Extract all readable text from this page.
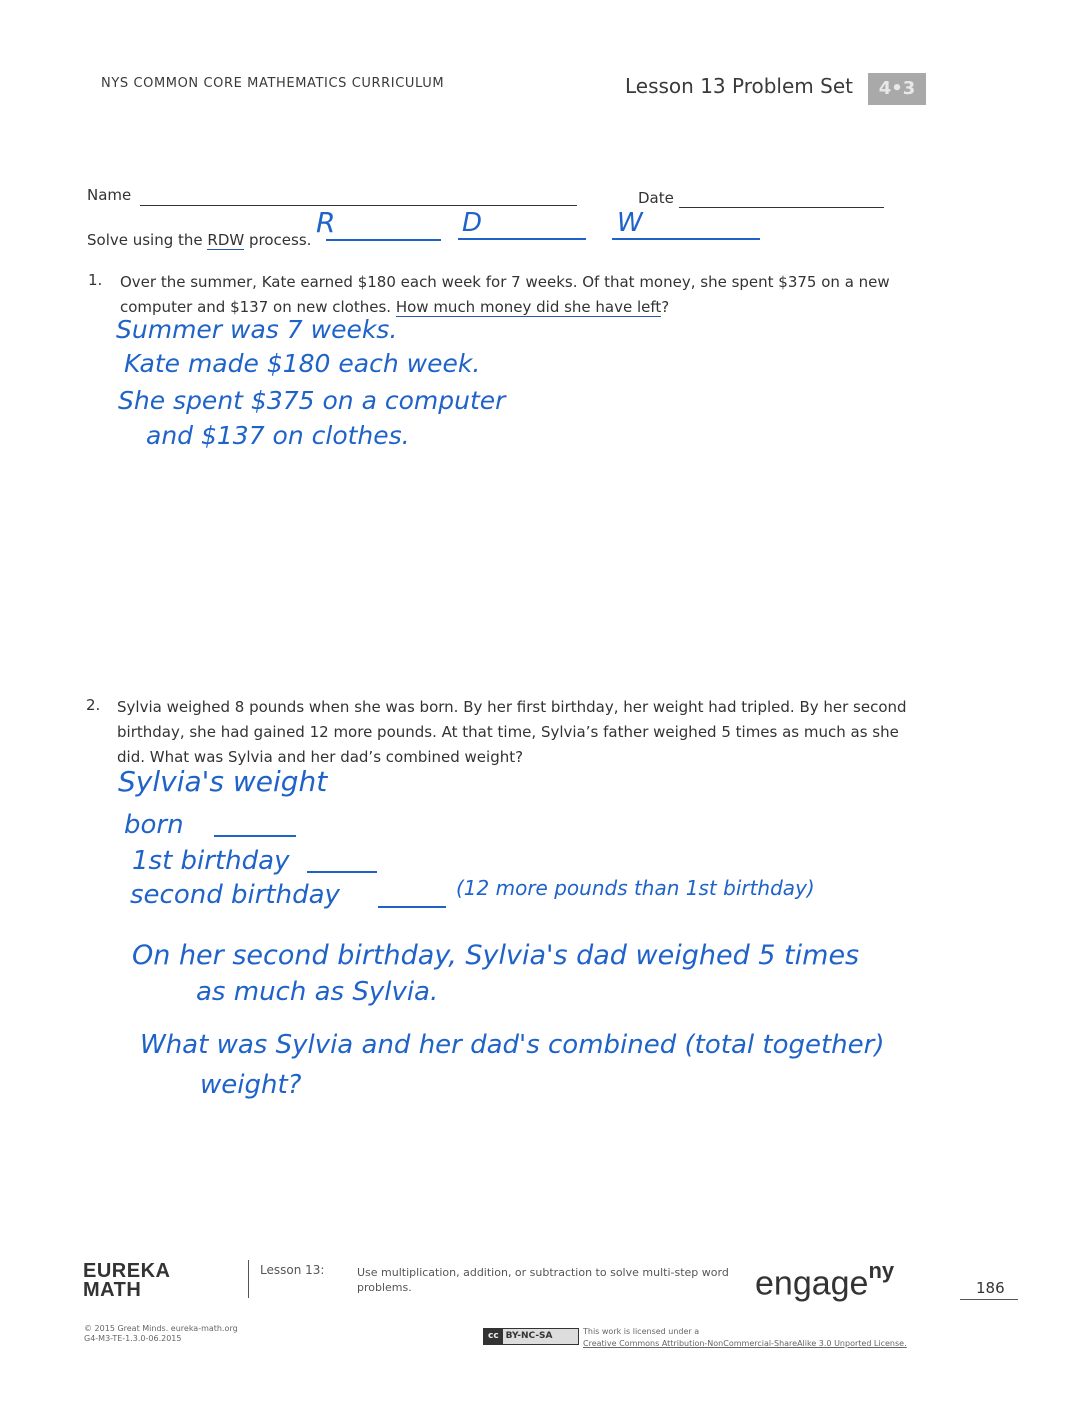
NYS COMMON CORE MATHEMATICS CURRICULUM	Lesson 13 Problem Set	4•3
Name	Date
Solve using the RDW process.
R	D	W
1. Over the summer, Kate earned $180 each week for 7 weeks. Of that money, she spent $375 on a new
computer and $137 on new clothes. How much money did she have left?
Summer was 7 weeks.
Kate made $180 each week.
She spent $375 on a computer
and $137 on clothes.
2. Sylvia weighed 8 pounds when she was born. By her first birthday, her weight had tripled. By her second
birthday, she had gained 12 more pounds. At that time, Sylvia’s father weighed 5 times as much as she
did. What was Sylvia and her dad’s combined weight?
Sylvia's weight
born
1st birthday
second birthday	(12 more pounds than 1st birthday)
On her second birthday, Sylvia's dad weighed 5 times
as much as Sylvia.
What was Sylvia and her dad's combined (total together)
weight?
EUREKA
MATH
Lesson 13:	Use multiplication, addition, or subtraction to solve multi-step word
problems.	engage$^{ny}$
186
© 2015 Great Minds. eureka-math.org
G4-M3-TE-1.3.0-06.2015	cc BY-NC-SA	This work is licensed under a
Creative Commons Attribution-NonCommercial-ShareAlike 3.0 Unported License.
